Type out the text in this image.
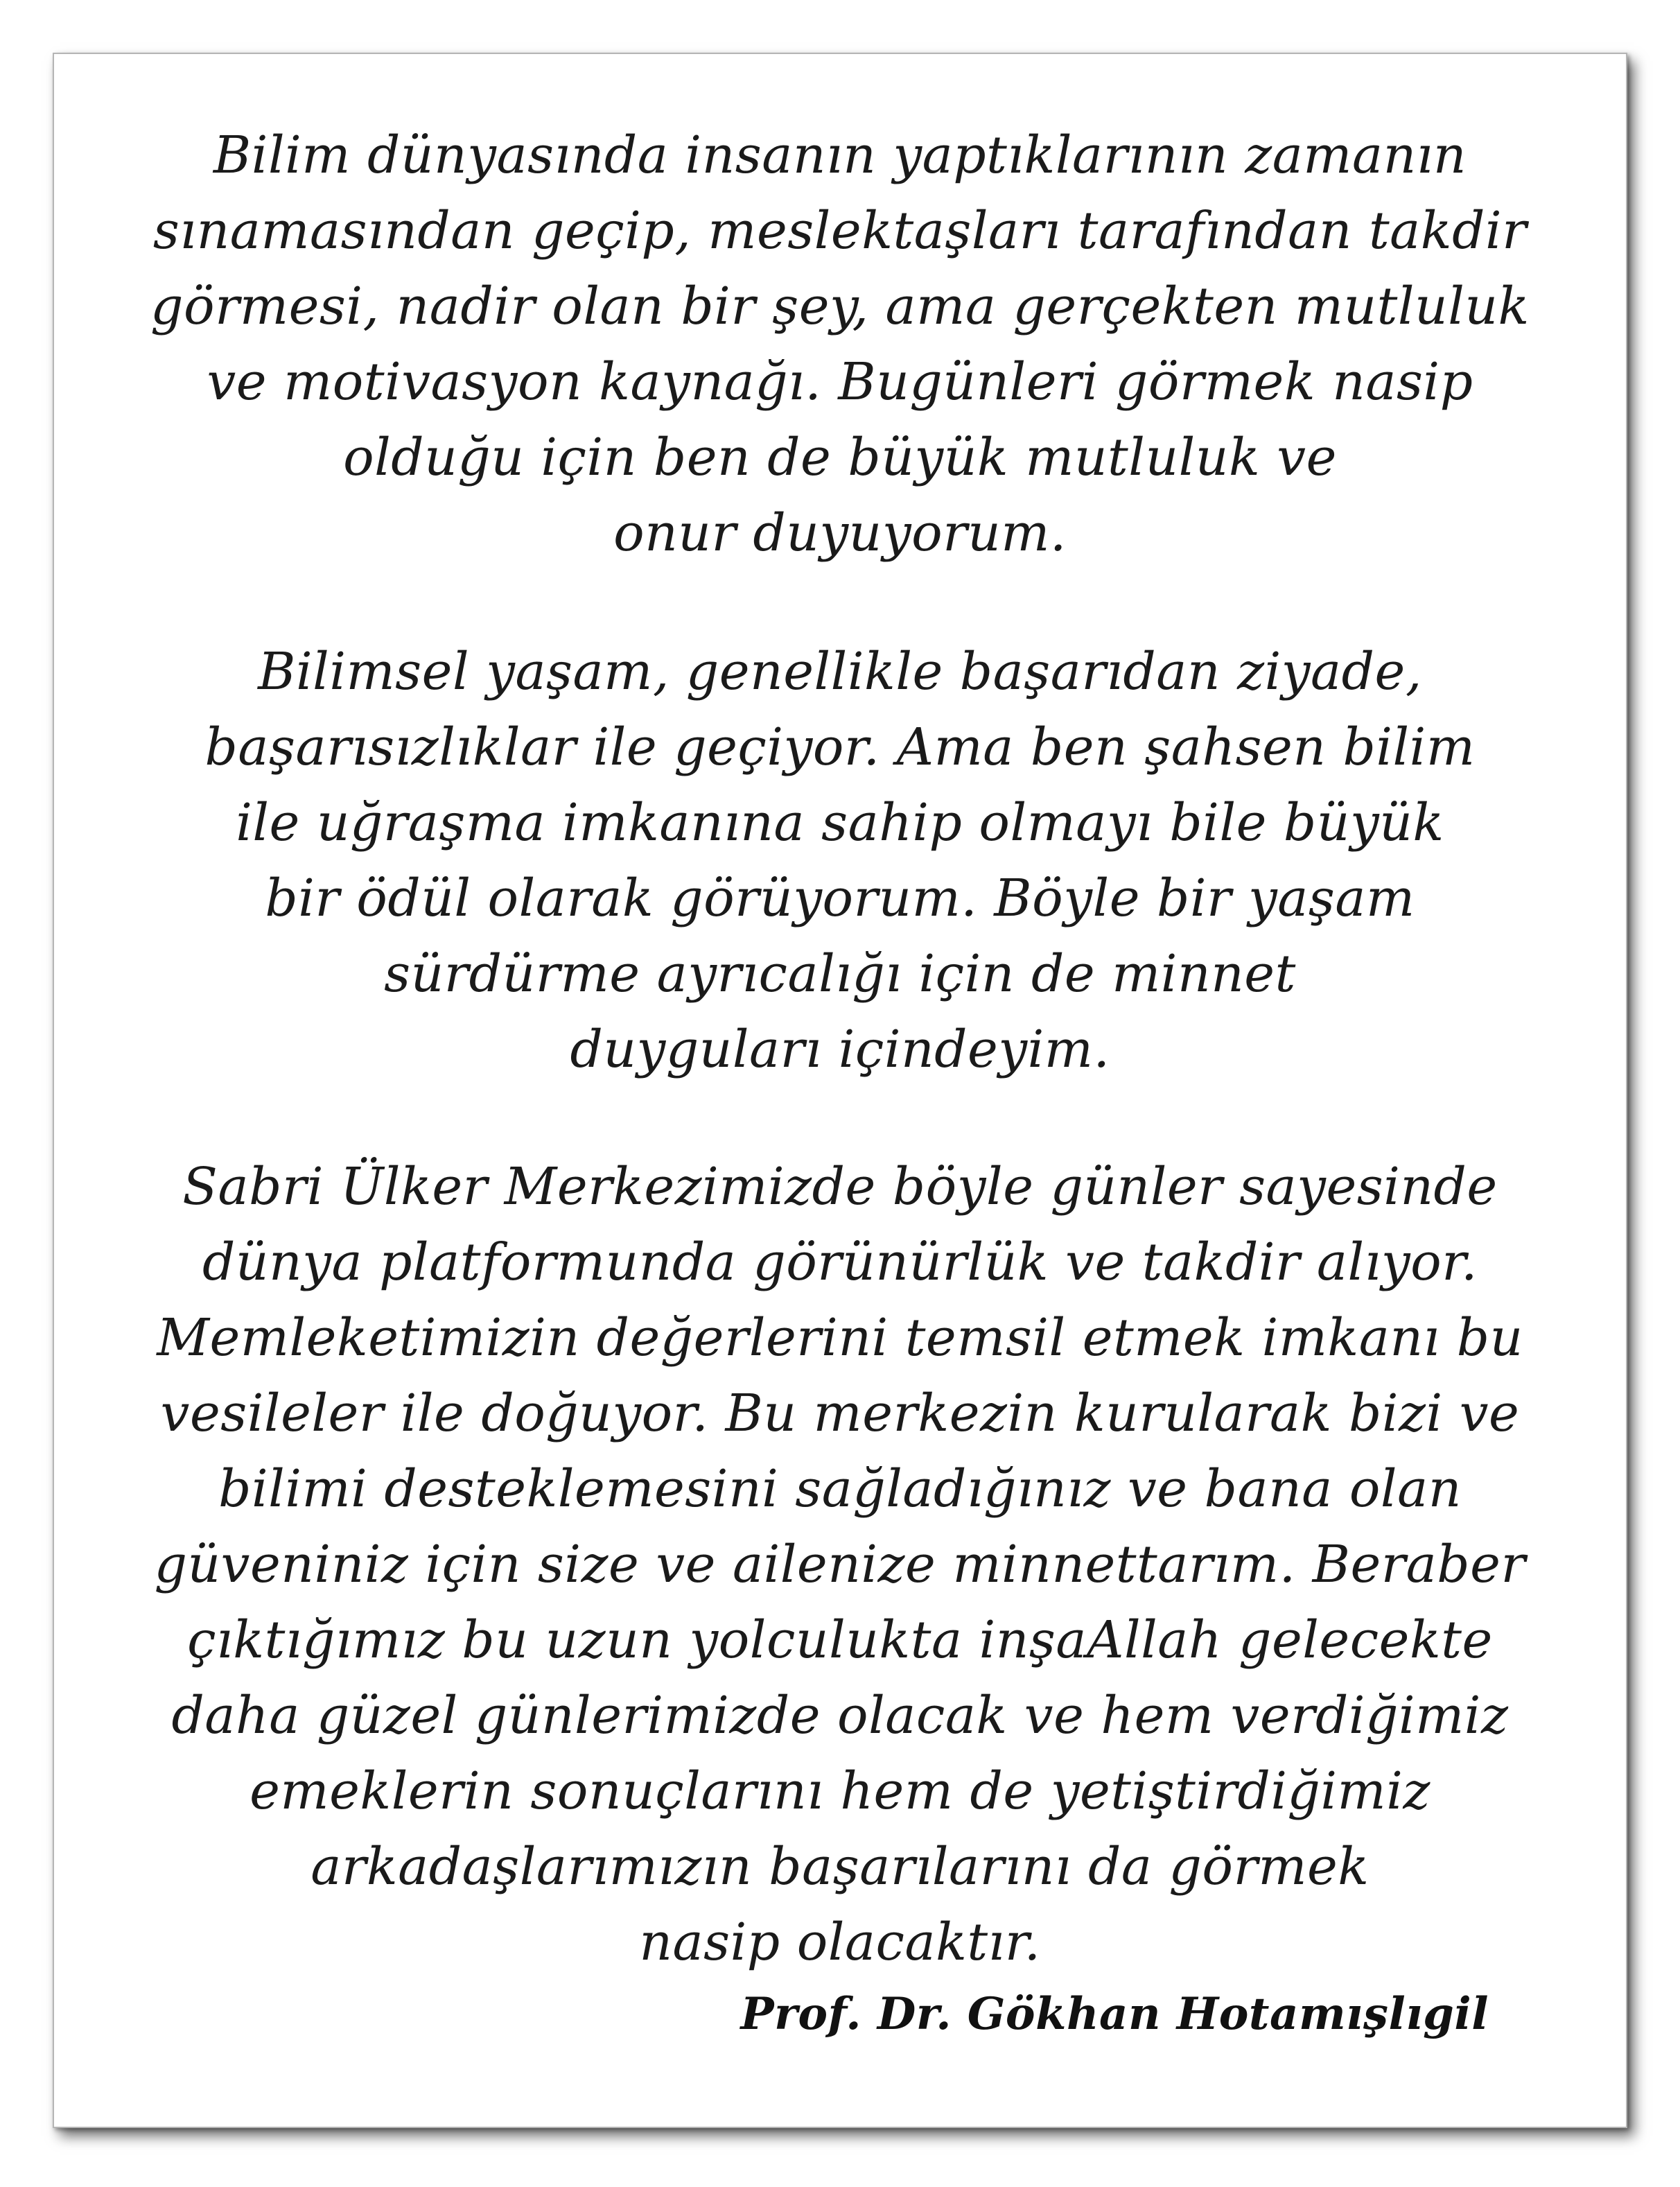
Bilim dünyasında insanın yaptıklarının zamanın
sınamasından geçip, meslektaşları tarafından takdir
görmesi, nadir olan bir şey, ama gerçekten mutluluk
ve motivasyon kaynağı. Bugünleri görmek nasip
olduğu için ben de büyük mutluluk ve
onur duyuyorum.
Bilimsel yaşam, genellikle başarıdan ziyade,
başarısızlıklar ile geçiyor. Ama ben şahsen bilim
ile uğraşma imkanına sahip olmayı bile büyük
bir ödül olarak görüyorum. Böyle bir yaşam
sürdürme ayrıcalığı için de minnet
duyguları içindeyim.
Sabri Ülker Merkezimizde böyle günler sayesinde
dünya platformunda görünürlük ve takdir alıyor.
Memleketimizin değerlerini temsil etmek imkanı bu
vesileler ile doğuyor. Bu merkezin kurularak bizi ve
bilimi desteklemesini sağladığınız ve bana olan
güveniniz için size ve ailenize minnettarım. Beraber
çıktığımız bu uzun yolculukta inşaAllah gelecekte
daha güzel günlerimizde olacak ve hem verdiğimiz
emeklerin sonuçlarını hem de yetiştirdiğimiz
arkadaşlarımızın başarılarını da görmek
nasip olacaktır.
Prof. Dr. Gökhan Hotamışlıgil
